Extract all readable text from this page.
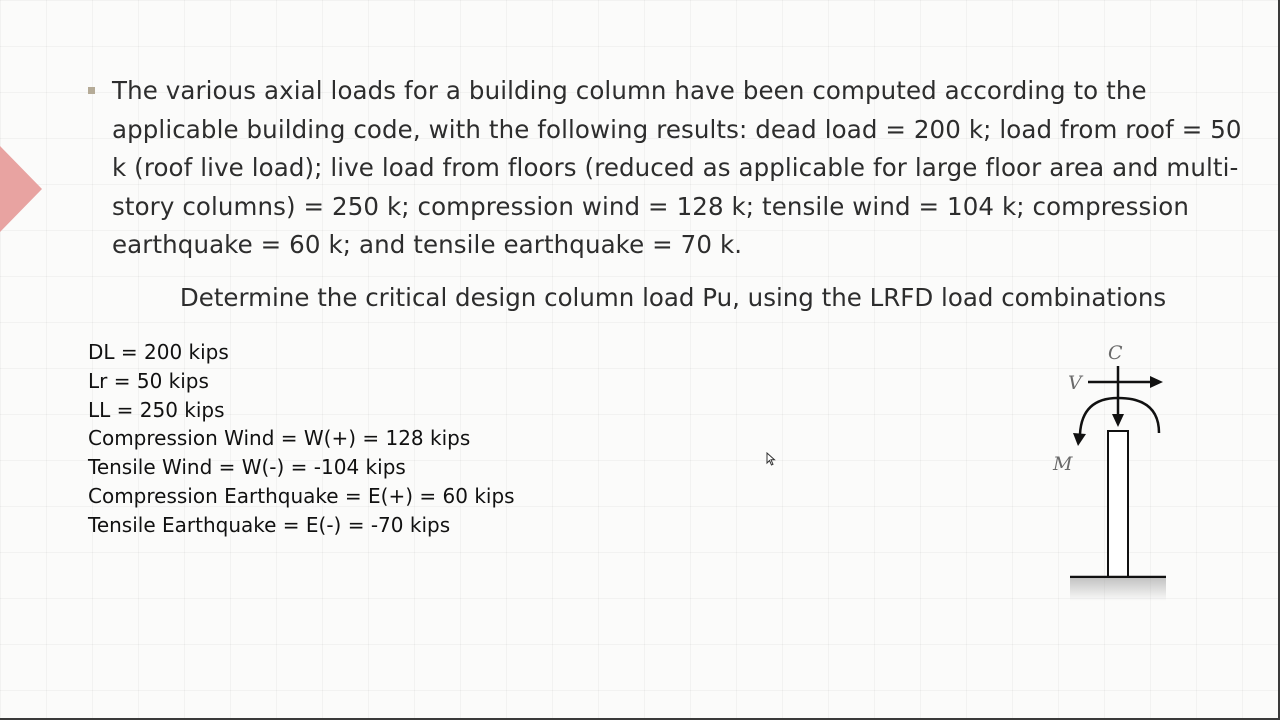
The various axial loads for a building column have been computed according to the applicable building code, with the following results: dead load = 200 k; load from roof = 50 k (roof live load); live load from floors (reduced as applicable for large floor area and multi-story columns) = 250 k; compression wind = 128 k; tensile wind = 104 k; compression earthquake = 60 k; and tensile earthquake = 70 k.

Determine the critical design column load Pu, using the LRFD load combinations

DL = 200 kips
Lr = 50 kips
LL = 250 kips
Compression Wind = W(+) = 128 kips
Tensile Wind = W(-) = -104 kips
Compression Earthquake = E(+) = 60 kips
Tensile Earthquake = E(-) = -70 kips
C
V
M
